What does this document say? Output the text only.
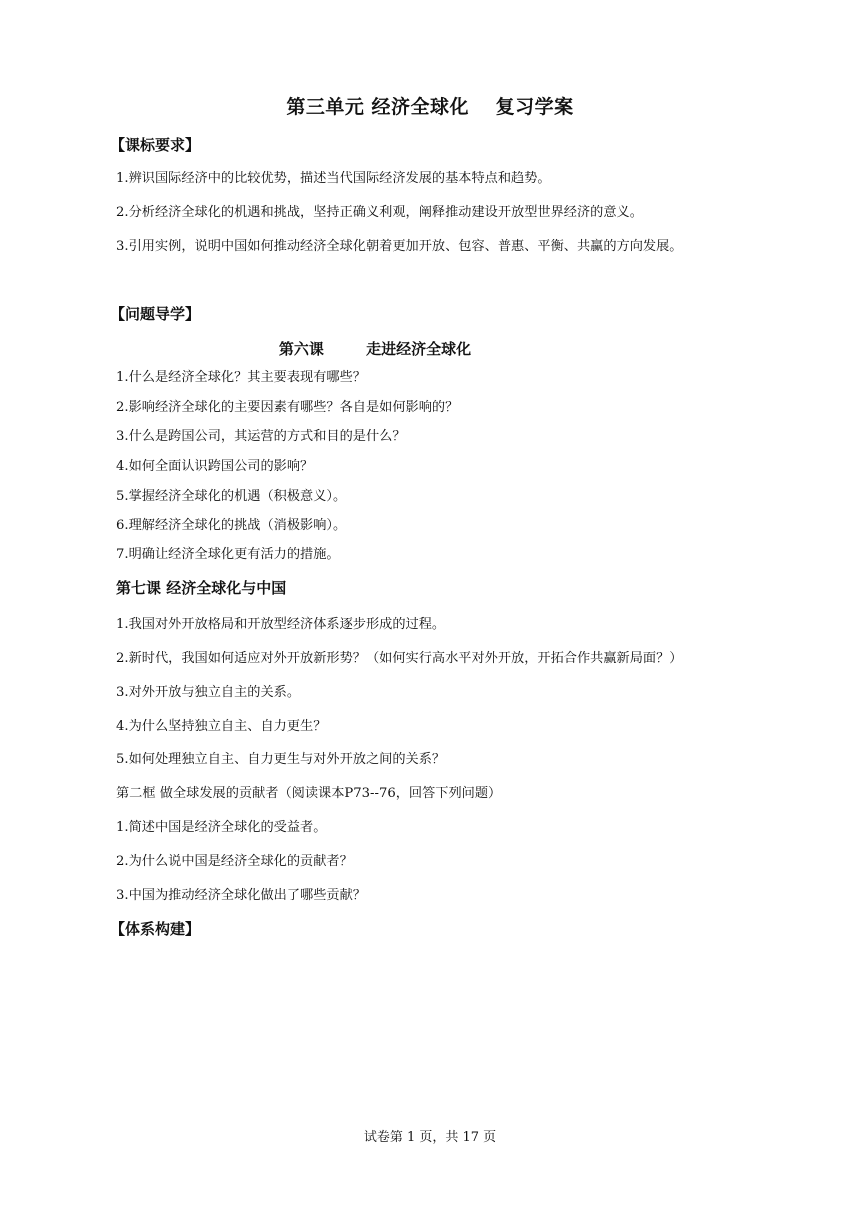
第三单元 经济全球化　 复习学案
【课标要求】
1.辨识国际经济中的比较优势，描述当代国际经济发展的基本特点和趋势。
2.分析经济全球化的机遇和挑战，坚持正确义利观，阐释推动建设开放型世界经济的意义。
3.引用实例，说明中国如何推动经济全球化朝着更加开放、包容、普惠、平衡、共赢的方向发展。
【问题导学】
第六课　 走进经济全球化
1.什么是经济全球化？其主要表现有哪些？
2.影响经济全球化的主要因素有哪些？各自是如何影响的？
3.什么是跨国公司，其运营的方式和目的是什么？
4.如何全面认识跨国公司的影响？
5.掌握经济全球化的机遇（积极意义）。
6.理解经济全球化的挑战（消极影响）。
7.明确让经济全球化更有活力的措施。
第七课 经济全球化与中国
1.我国对外开放格局和开放型经济体系逐步形成的过程。
2.新时代，我国如何适应对外开放新形势？（如何实行高水平对外开放，开拓合作共赢新局面？）
3.对外开放与独立自主的关系。
4.为什么坚持独立自主、自力更生？
5.如何处理独立自主、自力更生与对外开放之间的关系？
第二框 做全球发展的贡献者（阅读课本P73--76，回答下列问题）
1.简述中国是经济全球化的受益者。
2.为什么说中国是经济全球化的贡献者？
3.中国为推动经济全球化做出了哪些贡献？
【体系构建】
试卷第 1 页，共 17 页
